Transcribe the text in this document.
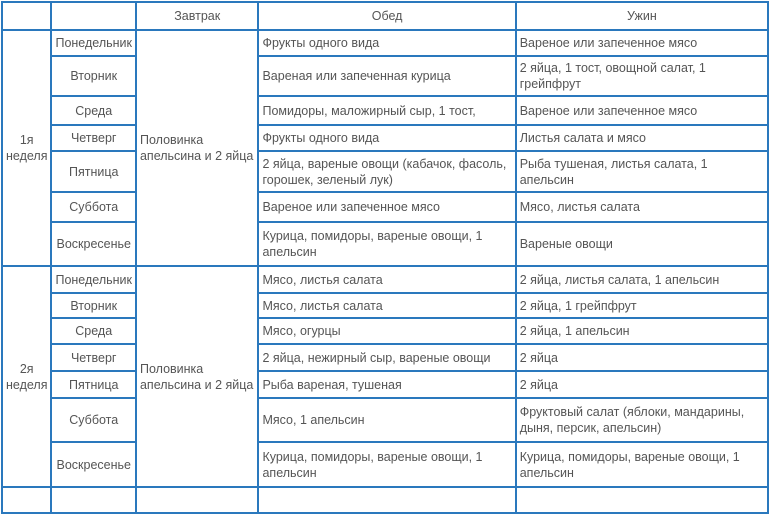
		Завтрак	Обед	Ужин
1я неделя	Понедельник	Половинка апельсина и 2 яйца	Фрукты одного вида	Вареное или запеченное мясо
	Вторник		Вареная или запеченная курица	2 яйца, 1 тост, овощной салат, 1 грейпфрут
	Среда		Помидоры, маложирный сыр, 1 тост,	Вареное или запеченное мясо
	Четверг		Фрукты одного вида	Листья салата и мясо
	Пятница		2 яйца, вареные овощи (кабачок, фасоль, горошек, зеленый лук)	Рыба тушеная, листья салата, 1 апельсин
	Суббота		Вареное или запеченное мясо	Мясо, листья салата
	Воскресенье		Курица, помидоры, вареные овощи, 1 апельсин	Вареные овощи
2я неделя	Понедельник	Половинка апельсина и 2 яйца	Мясо, листья салата	2 яйца, листья салата, 1 апельсин
	Вторник		Мясо, листья салата	2 яйца, 1 грейпфрут
	Среда		Мясо, огурцы	2 яйца, 1 апельсин
	Четверг		2 яйца, нежирный сыр, вареные овощи	2 яйца
	Пятница		Рыба вареная, тушеная	2 яйца
	Суббота		Мясо, 1 апельсин	Фруктовый салат (яблоки, мандарины, дыня, персик, апельсин)
	Воскресенье		Курица, помидоры, вареные овощи, 1 апельсин	Курица, помидоры, вареные овощи, 1 апельсин
